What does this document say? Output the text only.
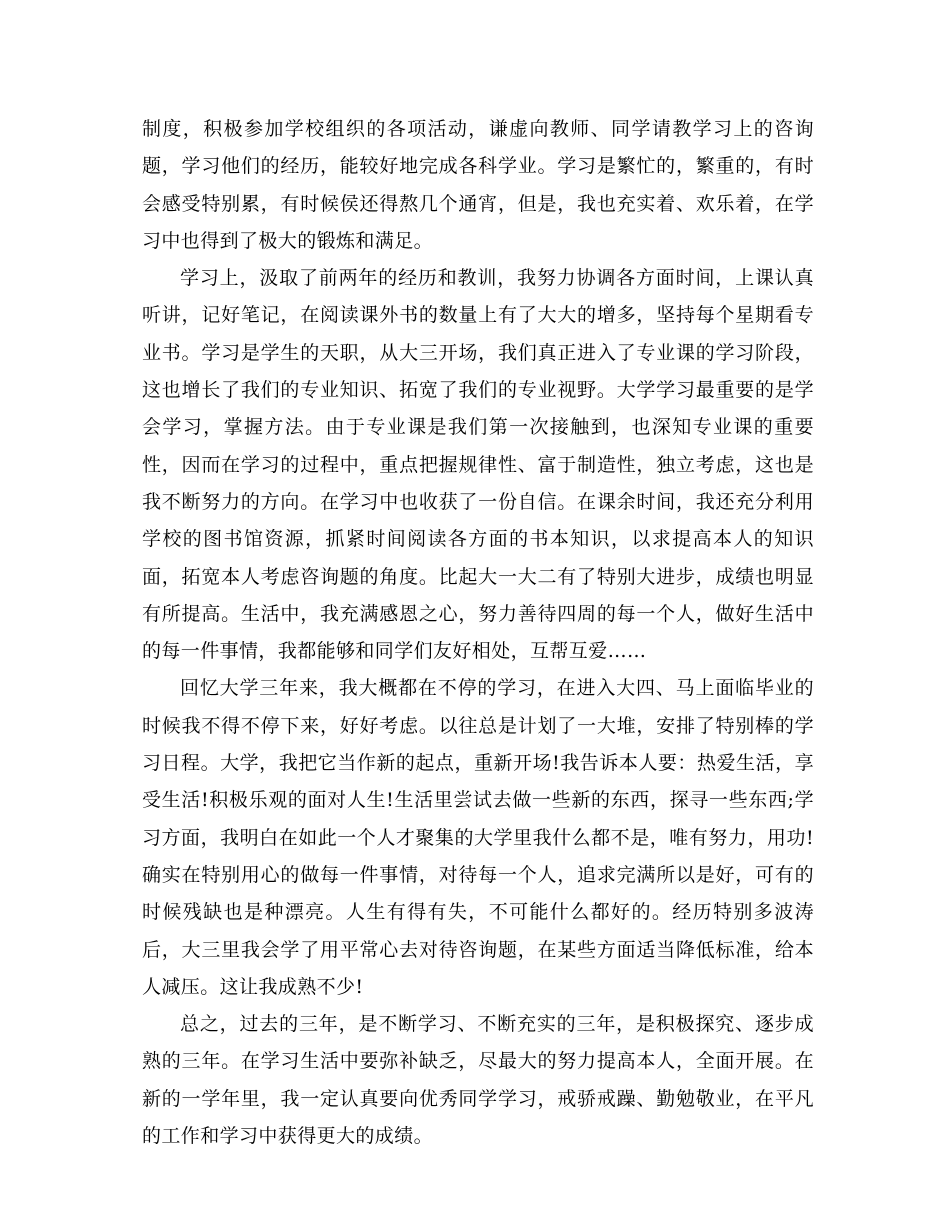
制度，积极参加学校组织的各项活动，谦虚向教师、同学请教学习上的咨询题，学习他们的经历，能较好地完成各科学业。学习是繁忙的，繁重的，有时会感受特别累，有时候侯还得熬几个通宵，但是，我也充实着、欢乐着，在学习中也得到了极大的锻炼和满足。

学习上，汲取了前两年的经历和教训，我努力协调各方面时间，上课认真听讲，记好笔记，在阅读课外书的数量上有了大大的增多，坚持每个星期看专业书。学习是学生的天职，从大三开场，我们真正进入了专业课的学习阶段，这也增长了我们的专业知识、拓宽了我们的专业视野。大学学习最重要的是学会学习，掌握方法。由于专业课是我们第一次接触到，也深知专业课的重要性，因而在学习的过程中，重点把握规律性、富于制造性，独立考虑，这也是我不断努力的方向。在学习中也收获了一份自信。在课余时间，我还充分利用学校的图书馆资源，抓紧时间阅读各方面的书本知识，以求提高本人的知识面，拓宽本人考虑咨询题的角度。比起大一大二有了特别大进步，成绩也明显有所提高。生活中，我充满感恩之心，努力善待四周的每一个人，做好生活中的每一件事情，我都能够和同学们友好相处，互帮互爱……

回忆大学三年来，我大概都在不停的学习，在进入大四、马上面临毕业的时候我不得不停下来，好好考虑。以往总是计划了一大堆，安排了特别棒的学习日程。大学，我把它当作新的起点，重新开场!我告诉本人要：热爱生活，享受生活!积极乐观的面对人生!生活里尝试去做一些新的东西，探寻一些东西;学习方面，我明白在如此一个人才聚集的大学里我什么都不是，唯有努力，用功!确实在特别用心的做每一件事情，对待每一个人，追求完满所以是好，可有的时候残缺也是种漂亮。人生有得有失，不可能什么都好的。经历特别多波涛后，大三里我会学了用平常心去对待咨询题，在某些方面适当降低标准，给本人减压。这让我成熟不少!

总之，过去的三年，是不断学习、不断充实的三年，是积极探究、逐步成熟的三年。在学习生活中要弥补缺乏，尽最大的努力提高本人，全面开展。在新的一学年里，我一定认真要向优秀同学学习，戒骄戒躁、勤勉敬业，在平凡的工作和学习中获得更大的成绩。
